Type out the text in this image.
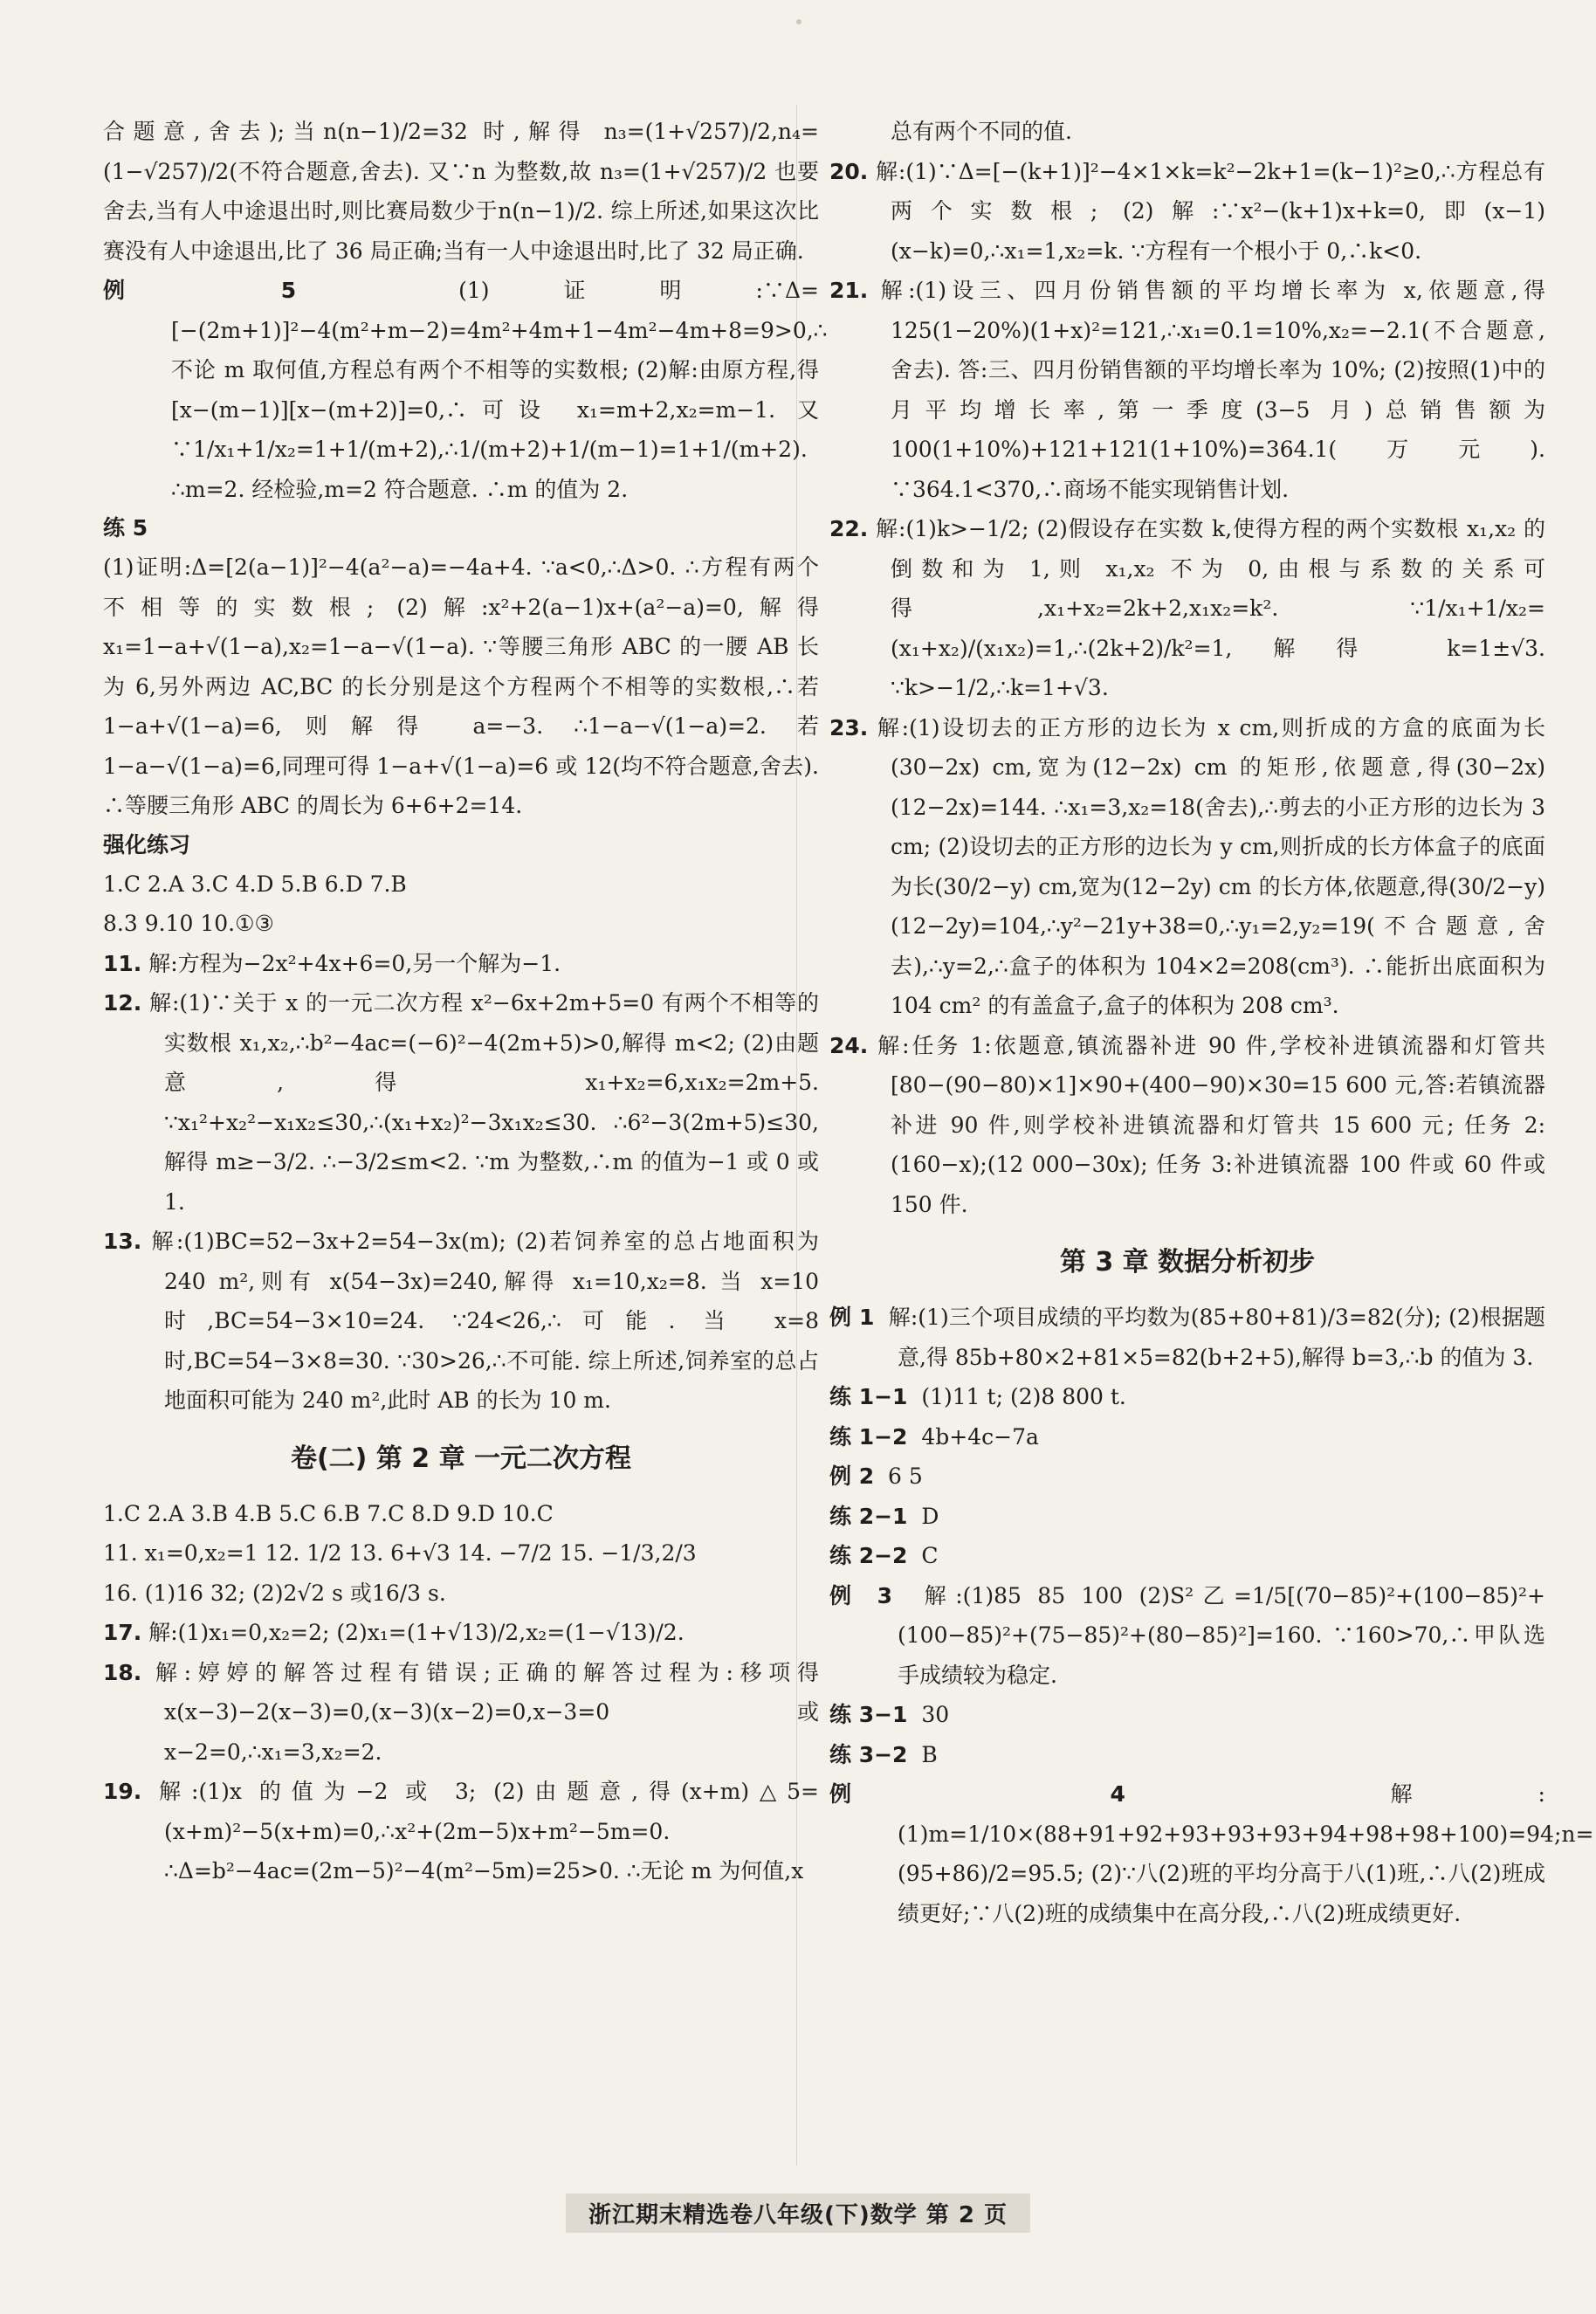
合题意,舍去);当n(n−1)/2=32 时,解得 n₃=(1+√257)/2,n₄=(1−√257)/2(不符合题意,舍去). 又∵n 为整数,故 n₃=(1+√257)/2 也要舍去,当有人中途退出时,则比赛局数少于n(n−1)/2. 综上所述,如果这次比赛没有人中途退出,比了 36 局正确;当有一人中途退出时,比了 32 局正确.

例 5	(1)证明:∵Δ=[−(2m+1)]²−4(m²+m−2)=4m²+4m+1−4m²−4m+8=9>0,∴不论 m 取何值,方程总有两个不相等的实数根; (2)解:由原方程,得[x−(m−1)][x−(m+2)]=0,∴可设 x₁=m+2,x₂=m−1. 又∵1/x₁+1/x₂=1+1/(m+2),∴1/(m+2)+1/(m−1)=1+1/(m+2). ∴m=2. 经检验,m=2 符合题意. ∴m 的值为 2.

练 5

(1)证明:Δ=[2(a−1)]²−4(a²−a)=−4a+4. ∵a<0,∴Δ>0. ∴方程有两个不相等的实数根; (2)解:x²+2(a−1)x+(a²−a)=0,解得 x₁=1−a+√(1−a),x₂=1−a−√(1−a). ∵等腰三角形 ABC 的一腰 AB 长为 6,另外两边 AC,BC 的长分别是这个方程两个不相等的实数根,∴若 1−a+√(1−a)=6,则解得 a=−3. ∴1−a−√(1−a)=2. 若 1−a−√(1−a)=6,同理可得 1−a+√(1−a)=6 或 12(均不符合题意,舍去). ∴等腰三角形 ABC 的周长为 6+6+2=14.

强化练习

1.C 2.A 3.C 4.D 5.B 6.D 7.B

8.3 9.10 10.①③

11. 解:方程为−2x²+4x+6=0,另一个解为−1.

12. 解:(1)∵关于 x 的一元二次方程 x²−6x+2m+5=0 有两个不相等的实数根 x₁,x₂,∴b²−4ac=(−6)²−4(2m+5)>0,解得 m<2; (2)由题意,得 x₁+x₂=6,x₁x₂=2m+5. ∵x₁²+x₂²−x₁x₂≤30,∴(x₁+x₂)²−3x₁x₂≤30. ∴6²−3(2m+5)≤30,解得 m≥−3/2. ∴−3/2≤m<2. ∵m 为整数,∴m 的值为−1 或 0 或 1.

13. 解:(1)BC=52−3x+2=54−3x(m); (2)若饲养室的总占地面积为 240 m²,则有 x(54−3x)=240,解得 x₁=10,x₂=8. 当 x=10 时,BC=54−3×10=24. ∵24<26,∴可能. 当 x=8 时,BC=54−3×8=30. ∵30>26,∴不可能. 综上所述,饲养室的总占地面积可能为 240 m²,此时 AB 的长为 10 m.

卷(二) 第 2 章 一元二次方程

1.C 2.A 3.B 4.B 5.C 6.B 7.C 8.D 9.D 10.C

11. x₁=0,x₂=1 12. 1/2 13. 6+√3 14. −7/2 15. −1/3,2/3

16. (1)16 32; (2)2√2 s 或16/3 s.

17. 解:(1)x₁=0,x₂=2; (2)x₁=(1+√13)/2,x₂=(1−√13)/2.

18. 解:婷婷的解答过程有错误;正确的解答过程为:移项得 x(x−3)−2(x−3)=0,(x−3)(x−2)=0,x−3=0 或 x−2=0,∴x₁=3,x₂=2.

19. 解:(1)x 的值为−2 或 3; (2)由题意,得(x+m)△5=(x+m)²−5(x+m)=0,∴x²+(2m−5)x+m²−5m=0. ∴Δ=b²−4ac=(2m−5)²−4(m²−5m)=25>0. ∴无论 m 为何值,x

总有两个不同的值.

20. 解:(1)∵Δ=[−(k+1)]²−4×1×k=k²−2k+1=(k−1)²≥0,∴方程总有两个实数根; (2)解:∵x²−(k+1)x+k=0,即(x−1)(x−k)=0,∴x₁=1,x₂=k. ∵方程有一个根小于 0,∴k<0.

21. 解:(1)设三、四月份销售额的平均增长率为 x,依题意,得 125(1−20%)(1+x)²=121,∴x₁=0.1=10%,x₂=−2.1(不合题意,舍去). 答:三、四月份销售额的平均增长率为 10%; (2)按照(1)中的月平均增长率,第一季度(3−5 月)总销售额为 100(1+10%)+121+121(1+10%)=364.1(万元). ∵364.1<370,∴商场不能实现销售计划.

22. 解:(1)k>−1/2; (2)假设存在实数 k,使得方程的两个实数根 x₁,x₂ 的倒数和为 1,则 x₁,x₂ 不为 0,由根与系数的关系可得,x₁+x₂=2k+2,x₁x₂=k². ∵1/x₁+1/x₂=(x₁+x₂)/(x₁x₂)=1,∴(2k+2)/k²=1,解得 k=1±√3. ∵k>−1/2,∴k=1+√3.

23. 解:(1)设切去的正方形的边长为 x cm,则折成的方盒的底面为长(30−2x) cm,宽为(12−2x) cm 的矩形,依题意,得(30−2x)(12−2x)=144. ∴x₁=3,x₂=18(舍去),∴剪去的小正方形的边长为 3 cm; (2)设切去的正方形的边长为 y cm,则折成的长方体盒子的底面为长(30/2−y) cm,宽为(12−2y) cm 的长方体,依题意,得(30/2−y)(12−2y)=104,∴y²−21y+38=0,∴y₁=2,y₂=19(不合题意,舍去),∴y=2,∴盒子的体积为 104×2=208(cm³). ∴能折出底面积为 104 cm² 的有盖盒子,盒子的体积为 208 cm³.

24. 解:任务 1:依题意,镇流器补进 90 件,学校补进镇流器和灯管共[80−(90−80)×1]×90+(400−90)×30=15 600 元,答:若镇流器补进 90 件,则学校补进镇流器和灯管共 15 600 元; 任务 2:(160−x);(12 000−30x); 任务 3:补进镇流器 100 件或 60 件或 150 件.

第 3 章 数据分析初步

例 1 解:(1)三个项目成绩的平均数为(85+80+81)/3=82(分); (2)根据题意,得 85b+80×2+81×5=82(b+2+5),解得 b=3,∴b 的值为 3.

练 1−1 (1)11 t; (2)8 800 t.

练 1−2 4b+4c−7a

例 2 6 5

练 2−1 D

练 2−2 C

例 3 解:(1)85 85 100 (2)S²乙=1/5[(70−85)²+(100−85)²+(100−85)²+(75−85)²+(80−85)²]=160. ∵160>70,∴甲队选手成绩较为稳定.

练 3−1 30

练 3−2 B

例 4	解:(1)m=1/10×(88+91+92+93+93+93+94+98+98+100)=94;n=(95+86)/2=95.5; (2)∵八(2)班的平均分高于八(1)班,∴八(2)班成绩更好;∵八(2)班的成绩集中在高分段,∴八(2)班成绩更好.

浙江期末精选卷八年级(下)数学 第 2 页
